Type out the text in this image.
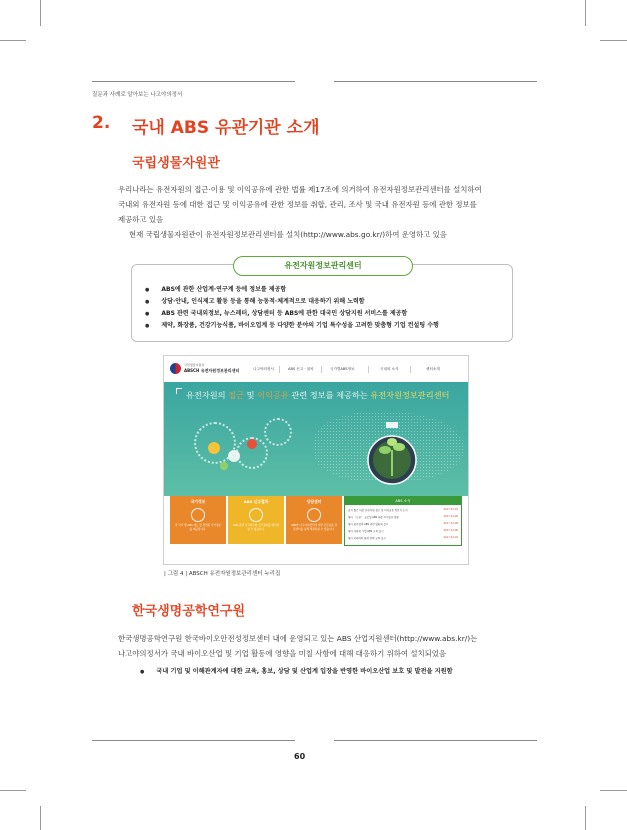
질문과 사례로 알아보는 나고야의정서
2. 국내 ABS 유관기관 소개
국립생물자원관

우리나라는 유전자원의 접근·이용 및 이익공유에 관한 법률 제17조에 의거하여 유전자원정보관리센터를 설치하여

국내외 유전자원 등에 대한 접근 및 이익공유에 관한 정보를 취합, 관리, 조사 및 국내 유전자원 등에 관한 정보를

제공하고 있음

현재 국립생물자원관이 유전자원정보관리센터를 설치(http://www.abs.go.kr/)하여 운영하고 있음

유전자원정보관리센터
● ABS에 관한 산업계·연구계 등에 정보를 제공함
● 상담·안내, 인식제고 활동 등을 통해 능동적·체계적으로 대응하기 위해 노력함
● ABS 관련 국내외정보, 뉴스레터, 상담센터 등 ABS에 관한 대국민 상담지원 서비스를 제공함
● 제약, 화장품, 건강기능식품, 바이오업계 등 다양한 분야의 기업 특수성을 고려한 맞춤형 기업 컨설팅 수행
국립생물자원관
ABSCH 유전자원정보관리센터	나고야의정서	ABS 신고 · 절차	국가별ABS정보	국내외 소식	센터소개
유전자원의 접근 및 이익공유 관련 정보를 제공하는 유전자원정보관리센터
국가정보
각 국가 별 ABS 제도 및 관련된 국가정보를 제공합니다.
ABS 신고절차
ABS 관련 신고의무와 신고절차를 확인하실 수 있습니다.
상담센터
ABS와 나고야의정서에 대한 궁금증을 상담센터를 통해 해결하실 수 있습니다.
ABS 소식
공지 월간 이중 유전자원 접근 및 이익공유 정보지 소식	2017-12-18
행사 〈도전〉 글로벌 ABS 대응 이익공유 발표	2017-12-09
행사 표준협력 ABS 관련 발표회 실시	2017-12-08
행사 사회적 기업 ABS 교육 실시	2017-12-06
행사 미래과학 환경 전략 교육 실시	2017-12-04
| 그림 4 | ABSCH 유전자원정보관리센터 누리집
한국생명공학연구원

한국생명공학연구원 한국바이오안전성정보센터 내에 운영되고 있는 ABS 산업지원센터(http://www.abs.kr/)는

나고야의정서가 국내 바이오산업 및 기업 활동에 영향을 미칠 사항에 대해 대응하기 위하여 설치되었음

● 국내 기업 및 이해관계자에 대한 교육, 홍보, 상담 및 산업계 입장을 반영한 바이오산업 보호 및 발전을 지원함
60
